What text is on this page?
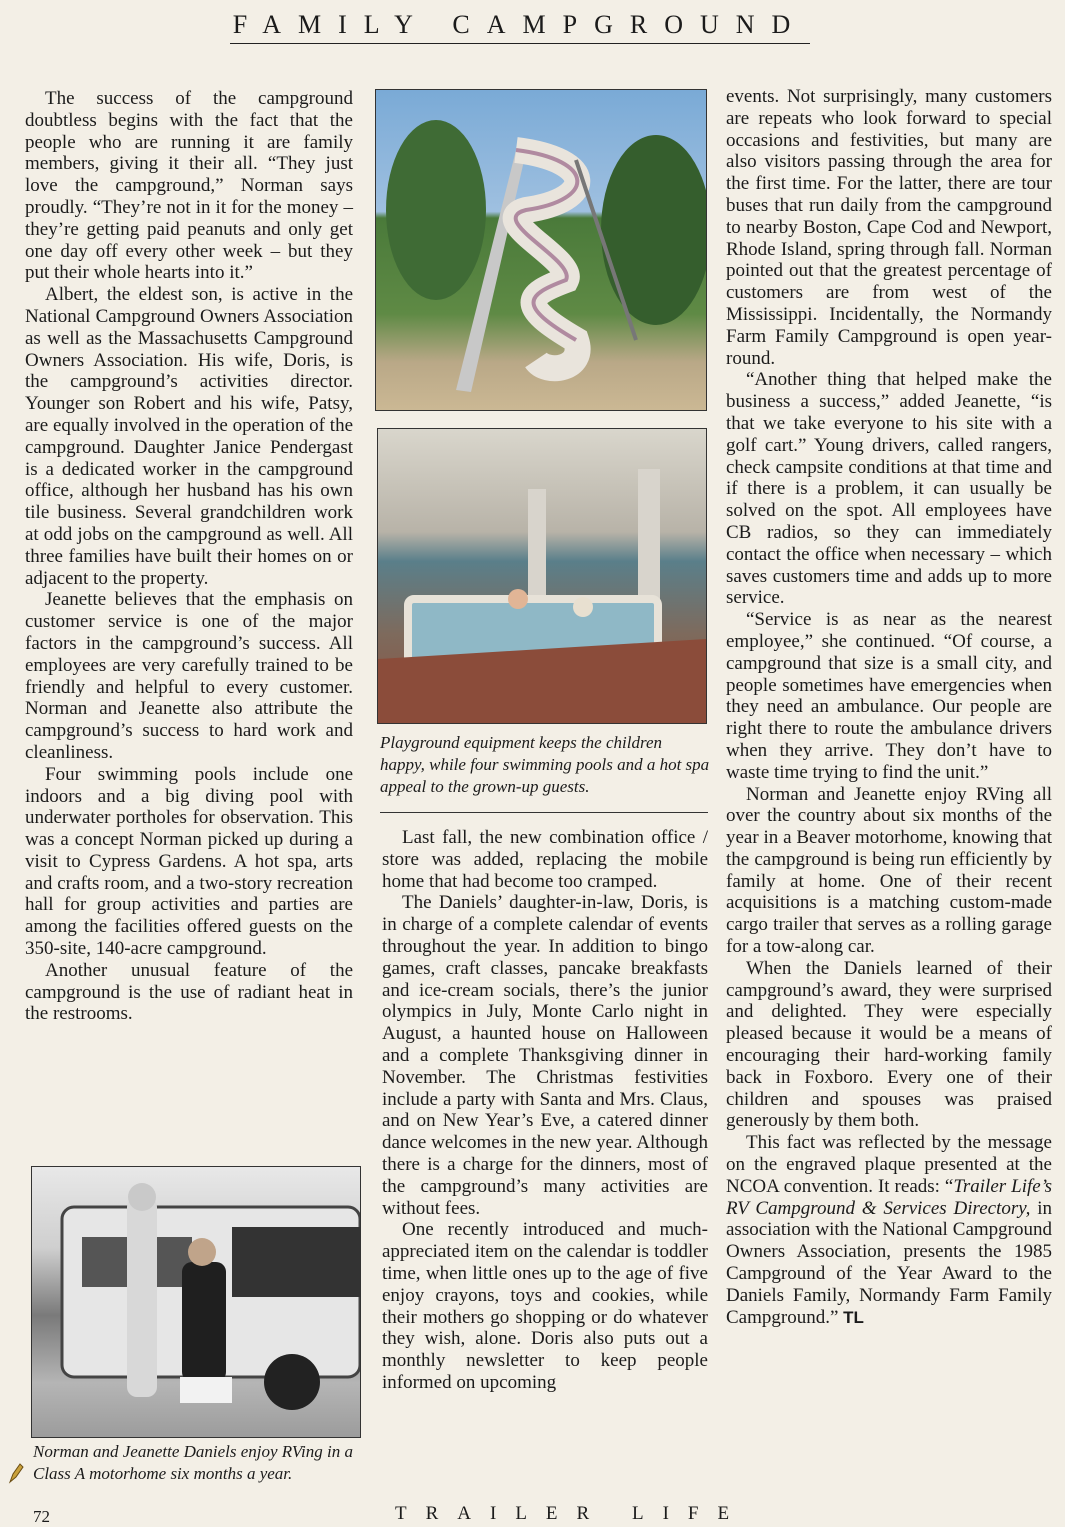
FAMILY CAMPGROUND

The success of the campground doubtless begins with the fact that the people who are running it are family members, giving it their all. “They just love the campground,” Norman says proudly. “They’re not in it for the money – they’re getting paid peanuts and only get one day off every other week – but they put their whole hearts into it.”

Albert, the eldest son, is active in the National Campground Owners Association as well as the Massachusetts Campground Owners Association. His wife, Doris, is the campground’s activities director. Younger son Robert and his wife, Patsy, are equally involved in the operation of the campground. Daughter Janice Pendergast is a dedicated worker in the campground office, although her husband has his own tile business. Several grandchildren work at odd jobs on the campground as well. All three families have built their homes on or adjacent to the property.

Jeanette believes that the emphasis on customer service is one of the major factors in the campground’s success. All employees are very carefully trained to be friendly and helpful to every customer. Norman and Jeanette also attribute the campground’s success to hard work and cleanliness.

Four swimming pools include one indoors and a big diving pool with underwater portholes for observation. This was a concept Norman picked up during a visit to Cypress Gardens. A hot spa, arts and crafts room, and a two-story recreation hall for group activities and parties are among the facilities offered guests on the 350-site, 140-acre campground.

Another unusual feature of the campground is the use of radiant heat in the restrooms.

Playground equipment keeps the children happy, while four swimming pools and a hot spa appeal to the grown-up guests.

Last fall, the new combination office / store was added, replacing the mobile home that had become too cramped.

The Daniels’ daughter-in-law, Doris, is in charge of a complete calendar of events throughout the year. In addition to bingo games, craft classes, pancake breakfasts and ice-cream socials, there’s the junior olympics in July, Monte Carlo night in August, a haunted house on Halloween and a complete Thanksgiving dinner in November. The Christmas festivities include a party with Santa and Mrs. Claus, and on New Year’s Eve, a catered dinner dance welcomes in the new year. Although there is a charge for the dinners, most of the campground’s many activities are without fees.

One recently introduced and much-appreciated item on the calendar is toddler time, when little ones up to the age of five enjoy crayons, toys and cookies, while their mothers go shopping or do whatever they wish, alone. Doris also puts out a monthly newsletter to keep people informed on upcoming

events. Not surprisingly, many customers are repeats who look forward to special occasions and festivities, but many are also visitors passing through the area for the first time. For the latter, there are tour buses that run daily from the campground to nearby Boston, Cape Cod and Newport, Rhode Island, spring through fall. Norman pointed out that the greatest percentage of customers are from west of the Mississippi. Incidentally, the Normandy Farm Family Campground is open year-round.

“Another thing that helped make the business a success,” added Jeanette, “is that we take everyone to his site with a golf cart.” Young drivers, called rangers, check campsite conditions at that time and if there is a problem, it can usually be solved on the spot. All employees have CB radios, so they can immediately contact the office when necessary – which saves customers time and adds up to more service.

“Service is as near as the nearest employee,” she continued. “Of course, a campground that size is a small city, and people sometimes have emergencies when they need an ambulance. Our people are right there to route the ambulance drivers when they arrive. They don’t have to waste time trying to find the unit.”

Norman and Jeanette enjoy RVing all over the country about six months of the year in a Beaver motorhome, knowing that the campground is being run efficiently by family at home. One of their recent acquisitions is a matching custom-made cargo trailer that serves as a rolling garage for a tow-along car.

When the Daniels learned of their campground’s award, they were surprised and delighted. They were especially pleased because it would be a means of encouraging their hard-working family back in Foxboro. Every one of their children and spouses was praised generously by them both.

This fact was reflected by the message on the engraved plaque presented at the NCOA convention. It reads: “Trailer Life’s RV Campground & Services Directory, in association with the National Campground Owners Association, presents the 1985 Campground of the Year Award to the Daniels Family, Normandy Farm Family Campground.” TL

Norman and Jeanette Daniels enjoy RVing in a Class A motorhome six months a year.
72	TRAILER LIFE
